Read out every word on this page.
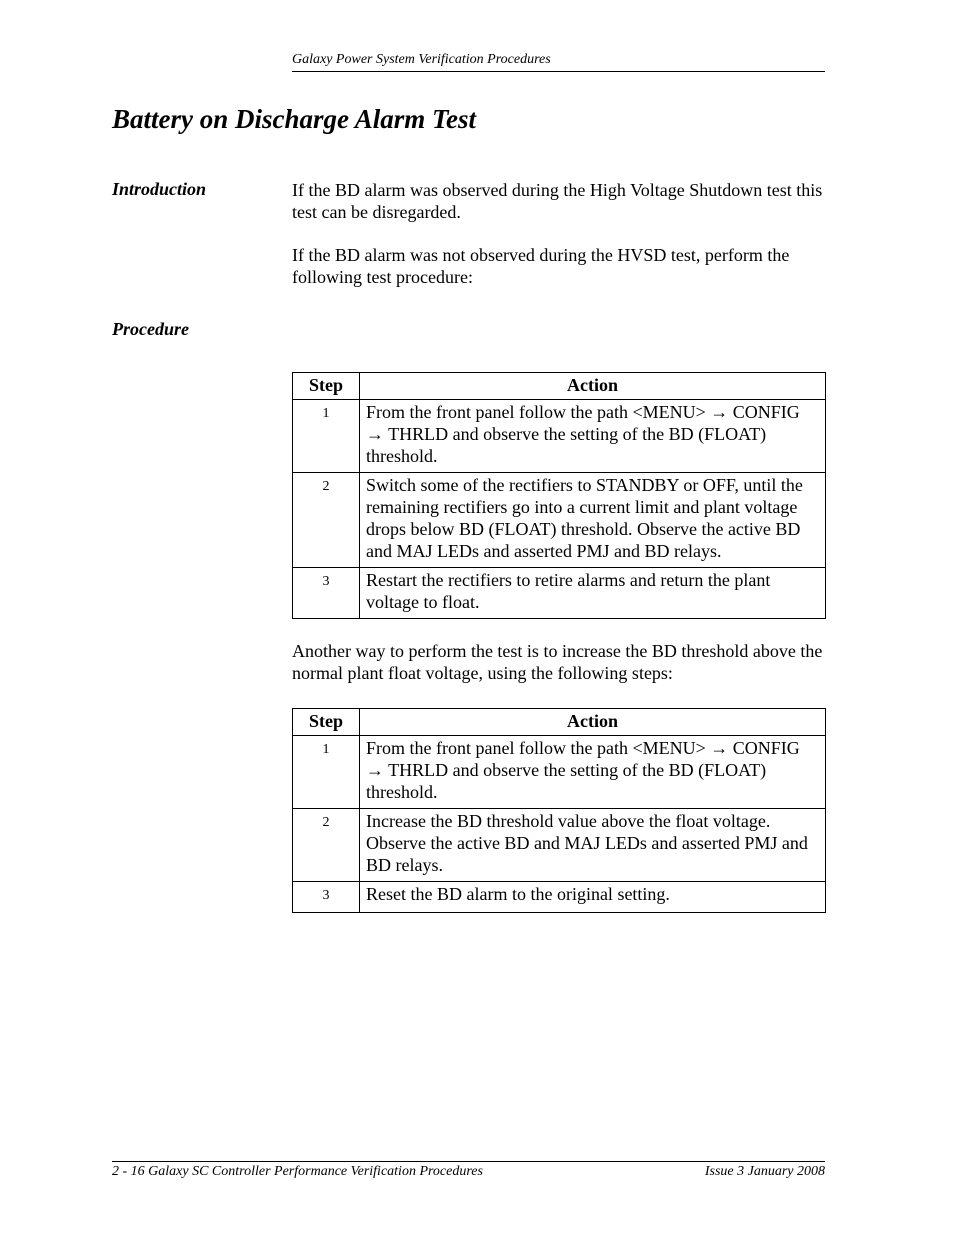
Galaxy Power System Verification Procedures
Battery on Discharge Alarm Test
Introduction	If the BD alarm was observed during the High Voltage Shutdown test this test can be disregarded.

If the BD alarm was not observed during the HVSD test, perform the following test procedure:

Procedure
Step	Action
1	From the front panel follow the path <MENU> → CONFIG → THRLD and observe the setting of the BD (FLOAT) threshold.
2	Switch some of the rectifiers to STANDBY or OFF, until the remaining rectifiers go into a current limit and plant voltage drops below BD (FLOAT) threshold. Observe the active BD and MAJ LEDs and asserted PMJ and BD relays.
3	Restart the rectifiers to retire alarms and return the plant voltage to float.

Another way to perform the test is to increase the BD threshold above the normal plant float voltage, using the following steps:

Step	Action
1	From the front panel follow the path <MENU> → CONFIG → THRLD and observe the setting of the BD (FLOAT) threshold.
2	Increase the BD threshold value above the float voltage. Observe the active BD and MAJ LEDs and asserted PMJ and BD relays.
3	Reset the BD alarm to the original setting.
2 - 16 Galaxy SC Controller Performance Verification Procedures	Issue 3 January 2008
